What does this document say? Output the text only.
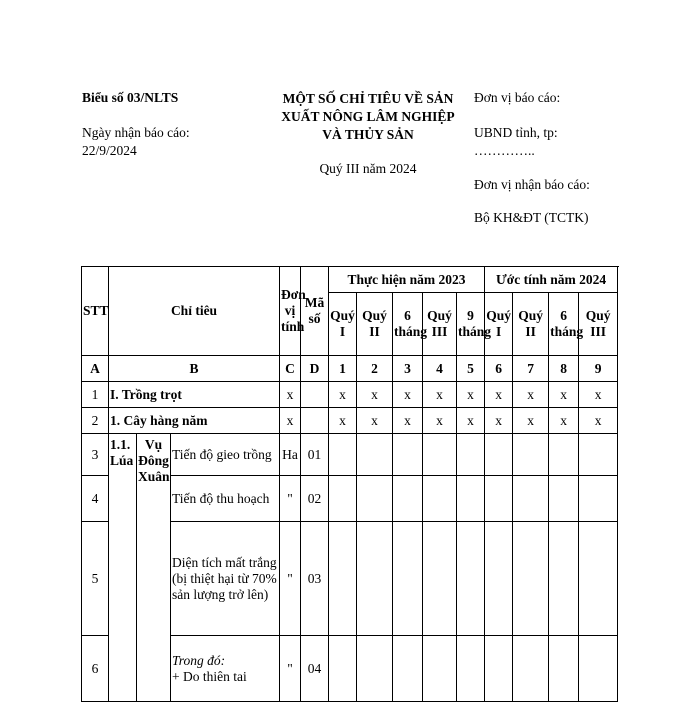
Biểu số 03/NLTS
Ngày nhận báo cáo:
22/9/2024
MỘT SỐ CHỈ TIÊU VỀ SẢN
XUẤT NÔNG LÂM NGHIỆP
VÀ THỦY SẢN
Quý III năm 2024
Đơn vị báo cáo:
UBND tỉnh, tp:
…………..
Đơn vị nhận báo cáo:
Bộ KH&ĐT (TCTK)
STT	Chỉ tiêu			Đơn vị tính	Mã số	Thực hiện năm 2023					Ước tính năm 2024				
						Quý I	Quý II	6 tháng	Quý III	9 tháng	Quý I	Quý II	6 tháng	Quý III	
A	B			C	D	1	2	3	4	5	6	7	8	9	
1	I. Trồng trọt			x		x	x	x	x	x	x	x	x	x	
2	1. Cây hàng năm			x		x	x	x	x	x	x	x	x	x	
3	1.1. Lúa	Vụ Đông Xuân	Tiến độ gieo trồng	Ha	01										
4			Tiến độ thu hoạch	"	02										
5			Diện tích mất trắng (bị thiệt hại từ 70% sản lượng trở lên)	"	03										
6			Trong đó:
+ Do thiên tai	"	04										
